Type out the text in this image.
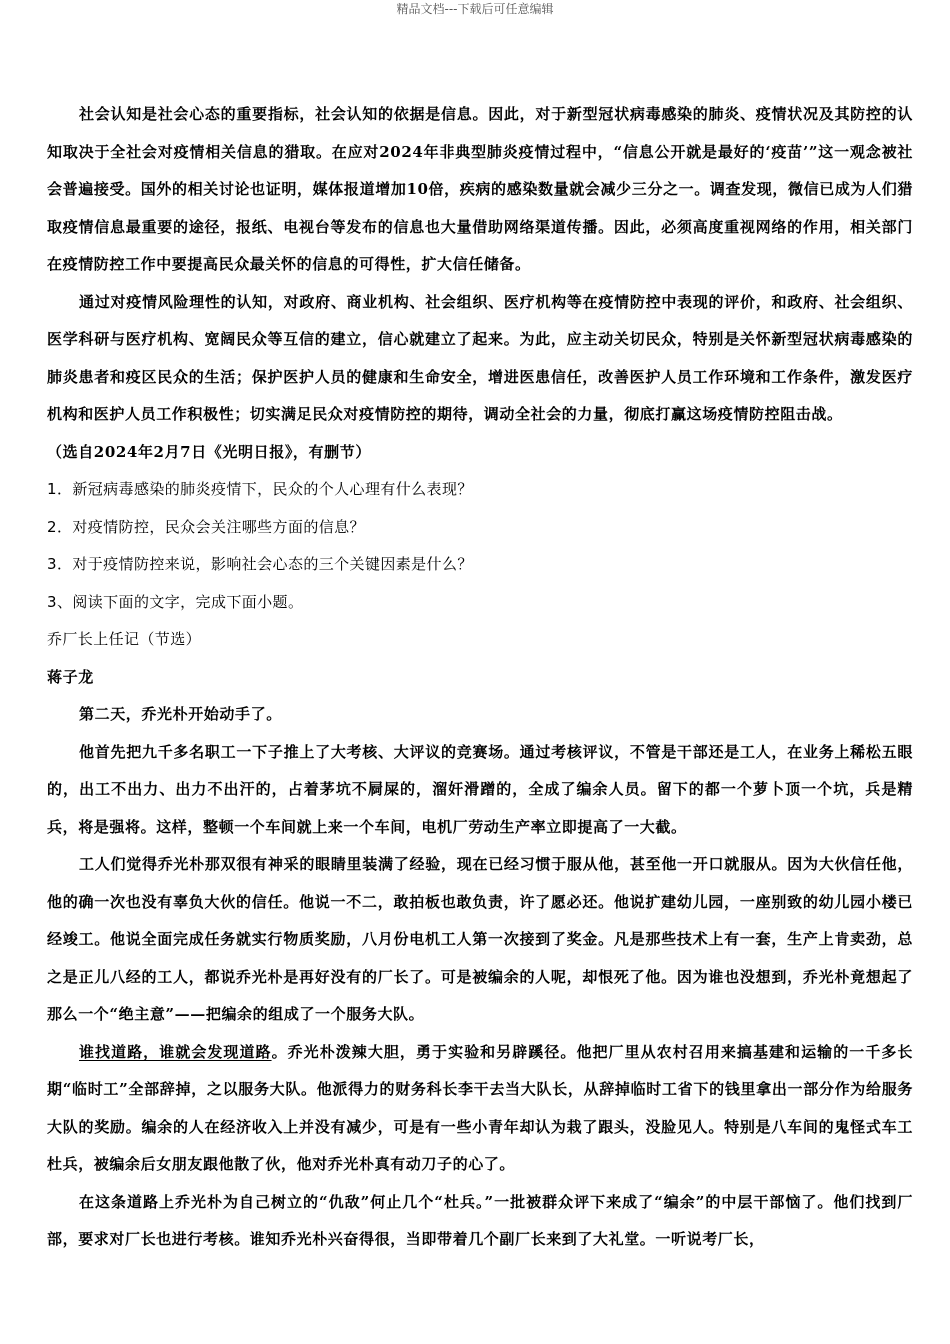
精品文档---下载后可任意编辑

社会认知是社会心态的重要指标，社会认知的依据是信息。因此，对于新型冠状病毒感染的肺炎、疫情状况及其防控的认知取决于全社会对疫情相关信息的猎取。在应对2024年非典型肺炎疫情过程中，“信息公开就是最好的‘疫苗’”这一观念被社会普遍接受。国外的相关讨论也证明，媒体报道增加10倍，疾病的感染数量就会减少三分之一。调查发现，微信已成为人们猎取疫情信息最重要的途径，报纸、电视台等发布的信息也大量借助网络渠道传播。因此，必须高度重视网络的作用，相关部门在疫情防控工作中要提高民众最关怀的信息的可得性，扩大信任储备。

通过对疫情风险理性的认知，对政府、商业机构、社会组织、医疗机构等在疫情防控中表现的评价，和政府、社会组织、医学科研与医疗机构、宽阔民众等互信的建立，信心就建立了起来。为此，应主动关切民众，特别是关怀新型冠状病毒感染的肺炎患者和疫区民众的生活；保护医护人员的健康和生命安全，增进医患信任，改善医护人员工作环境和工作条件，激发医疗机构和医护人员工作积极性；切实满足民众对疫情防控的期待，调动全社会的力量，彻底打赢这场疫情防控阻击战。

（选自2024年2月7日《光明日报》，有删节）

1．新冠病毒感染的肺炎疫情下，民众的个人心理有什么表现？

2．对疫情防控，民众会关注哪些方面的信息？

3．对于疫情防控来说，影响社会心态的三个关键因素是什么？

3、阅读下面的文字，完成下面小题。

乔厂长上任记（节选）

蒋子龙

第二天，乔光朴开始动手了。

他首先把九千多名职工一下子推上了大考核、大评议的竞赛场。通过考核评议，不管是干部还是工人，在业务上稀松五眼的，出工不出力、出力不出汗的，占着茅坑不屙屎的，溜奸滑蹭的，全成了编余人员。留下的都一个萝卜顶一个坑，兵是精兵，将是强将。这样，整顿一个车间就上来一个车间，电机厂劳动生产率立即提高了一大截。

工人们觉得乔光朴那双很有神采的眼睛里装满了经验，现在已经习惯于服从他，甚至他一开口就服从。因为大伙信任他，他的确一次也没有辜负大伙的信任。他说一不二，敢拍板也敢负责，许了愿必还。他说扩建幼儿园，一座别致的幼儿园小楼已经竣工。他说全面完成任务就实行物质奖励，八月份电机工人第一次接到了奖金。凡是那些技术上有一套，生产上肯卖劲，总之是正儿八经的工人，都说乔光朴是再好没有的厂长了。可是被编余的人呢，却恨死了他。因为谁也没想到，乔光朴竟想起了那么一个“绝主意”——把编余的组成了一个服务大队。

谁找道路，谁就会发现道路。乔光朴泼辣大胆，勇于实验和另辟蹊径。他把厂里从农村召用来搞基建和运输的一千多长期“临时工”全部辞掉，之以服务大队。他派得力的财务科长李干去当大队长，从辞掉临时工省下的钱里拿出一部分作为给服务大队的奖励。编余的人在经济收入上并没有减少，可是有一些小青年却认为栽了跟头，没脸见人。特别是八车间的鬼怪式车工杜兵，被编余后女朋友跟他散了伙，他对乔光朴真有动刀子的心了。

在这条道路上乔光朴为自己树立的“仇敌”何止几个“杜兵。”一批被群众评下来成了“编余”的中层干部恼了。他们找到厂部，要求对厂长也进行考核。谁知乔光朴兴奋得很，当即带着几个副厂长来到了大礼堂。一听说考厂长，
